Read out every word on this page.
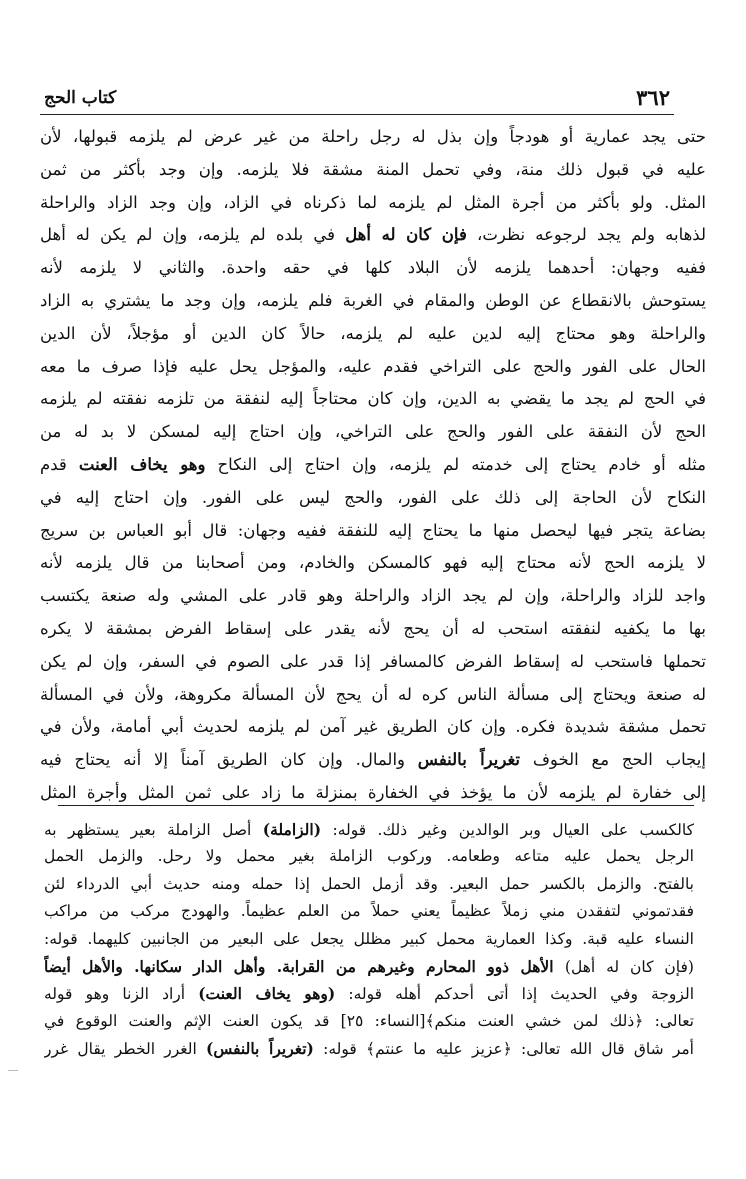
٣٦٢
كتاب الحج
حتى يجد عمارية أو هودجاً وإن بذل له رجل راحلة من غير عرض لم يلزمه قبولها، لأن
عليه في قبول ذلك منة، وفي تحمل المنة مشقة فلا يلزمه. وإن وجد بأكثر من ثمن
المثل. ولو بأكثر من أجرة المثل لم يلزمه لما ذكرناه في الزاد، وإن وجد الزاد والراحلة
لذهابه ولم يجد لرجوعه نظرت، فإن كان له أهل في بلده لم يلزمه، وإن لم يكن له أهل
ففيه وجهان: أحدهما يلزمه لأن البلاد كلها في حقه واحدة. والثاني لا يلزمه لأنه
يستوحش بالانقطاع عن الوطن والمقام في الغربة فلم يلزمه، وإن وجد ما يشتري به الزاد
والراحلة وهو محتاج إليه لدين عليه لم يلزمه، حالاً كان الدين أو مؤجلاً، لأن الدين
الحال على الفور والحج على التراخي فقدم عليه، والمؤجل يحل عليه فإذا صرف ما معه
في الحج لم يجد ما يقضي به الدين، وإن كان محتاجاً إليه لنفقة من تلزمه نفقته لم يلزمه
الحج لأن النفقة على الفور والحج على التراخي، وإن احتاج إليه لمسكن لا بد له من
مثله أو خادم يحتاج إلى خدمته لم يلزمه، وإن احتاج إلى النكاح وهو يخاف العنت قدم
النكاح لأن الحاجة إلى ذلك على الفور، والحج ليس على الفور. وإن احتاج إليه في
بضاعة يتجر فيها ليحصل منها ما يحتاج إليه للنفقة ففيه وجهان: قال أبو العباس بن سريج
لا يلزمه الحج لأنه محتاج إليه فهو كالمسكن والخادم، ومن أصحابنا من قال يلزمه لأنه
واجد للزاد والراحلة، وإن لم يجد الزاد والراحلة وهو قادر على المشي وله صنعة يكتسب
بها ما يكفيه لنفقته استحب له أن يحج لأنه يقدر على إسقاط الفرض بمشقة لا يكره
تحملها فاستحب له إسقاط الفرض كالمسافر إذا قدر على الصوم في السفر، وإن لم يكن
له صنعة ويحتاج إلى مسألة الناس كره له أن يحج لأن المسألة مكروهة، ولأن في المسألة
تحمل مشقة شديدة فكره. وإن كان الطريق غير آمن لم يلزمه لحديث أبي أمامة، ولأن في
إيجاب الحج مع الخوف تغريراً بالنفس والمال. وإن كان الطريق آمناً إلا أنه يحتاج فيه
إلى خفارة لم يلزمه لأن ما يؤخذ في الخفارة بمنزلة ما زاد على ثمن المثل وأجرة المثل
كالكسب على العيال وبر الوالدين وغير ذلك. قوله: (الزاملة) أصل الزاملة بعير يستظهر به
الرجل يحمل عليه متاعه وطعامه. وركوب الزاملة بغير محمل ولا رحل. والزمل الحمل
بالفتح. والزمل بالكسر حمل البعير. وقد أزمل الحمل إذا حمله ومنه حديث أبي الدرداء لئن
فقدتموني لتفقدن مني زملاً عظيماً يعني حملاً من العلم عظيماً. والهودج مركب من مراكب
النساء عليه قبة. وكذا العمارية محمل كبير مظلل يجعل على البعير من الجانبين كليهما. قوله:
(فإن كان له أهل) الأهل ذوو المحارم وغيرهم من القرابة. وأهل الدار سكانها. والأهل أيضاً
الزوجة وفي الحديث إذا أتى أحدكم أهله قوله: (وهو يخاف العنت) أراد الزنا وهو قوله
تعالى: ﴿ذلك لمن خشي العنت منكم﴾[النساء: ٢٥] قد يكون العنت الإثم والعنت الوقوع في
أمر شاق قال الله تعالى: ﴿عزيز عليه ما عنتم﴾ قوله: (تغريراً بالنفس) الغرر الخطر يقال غرر
